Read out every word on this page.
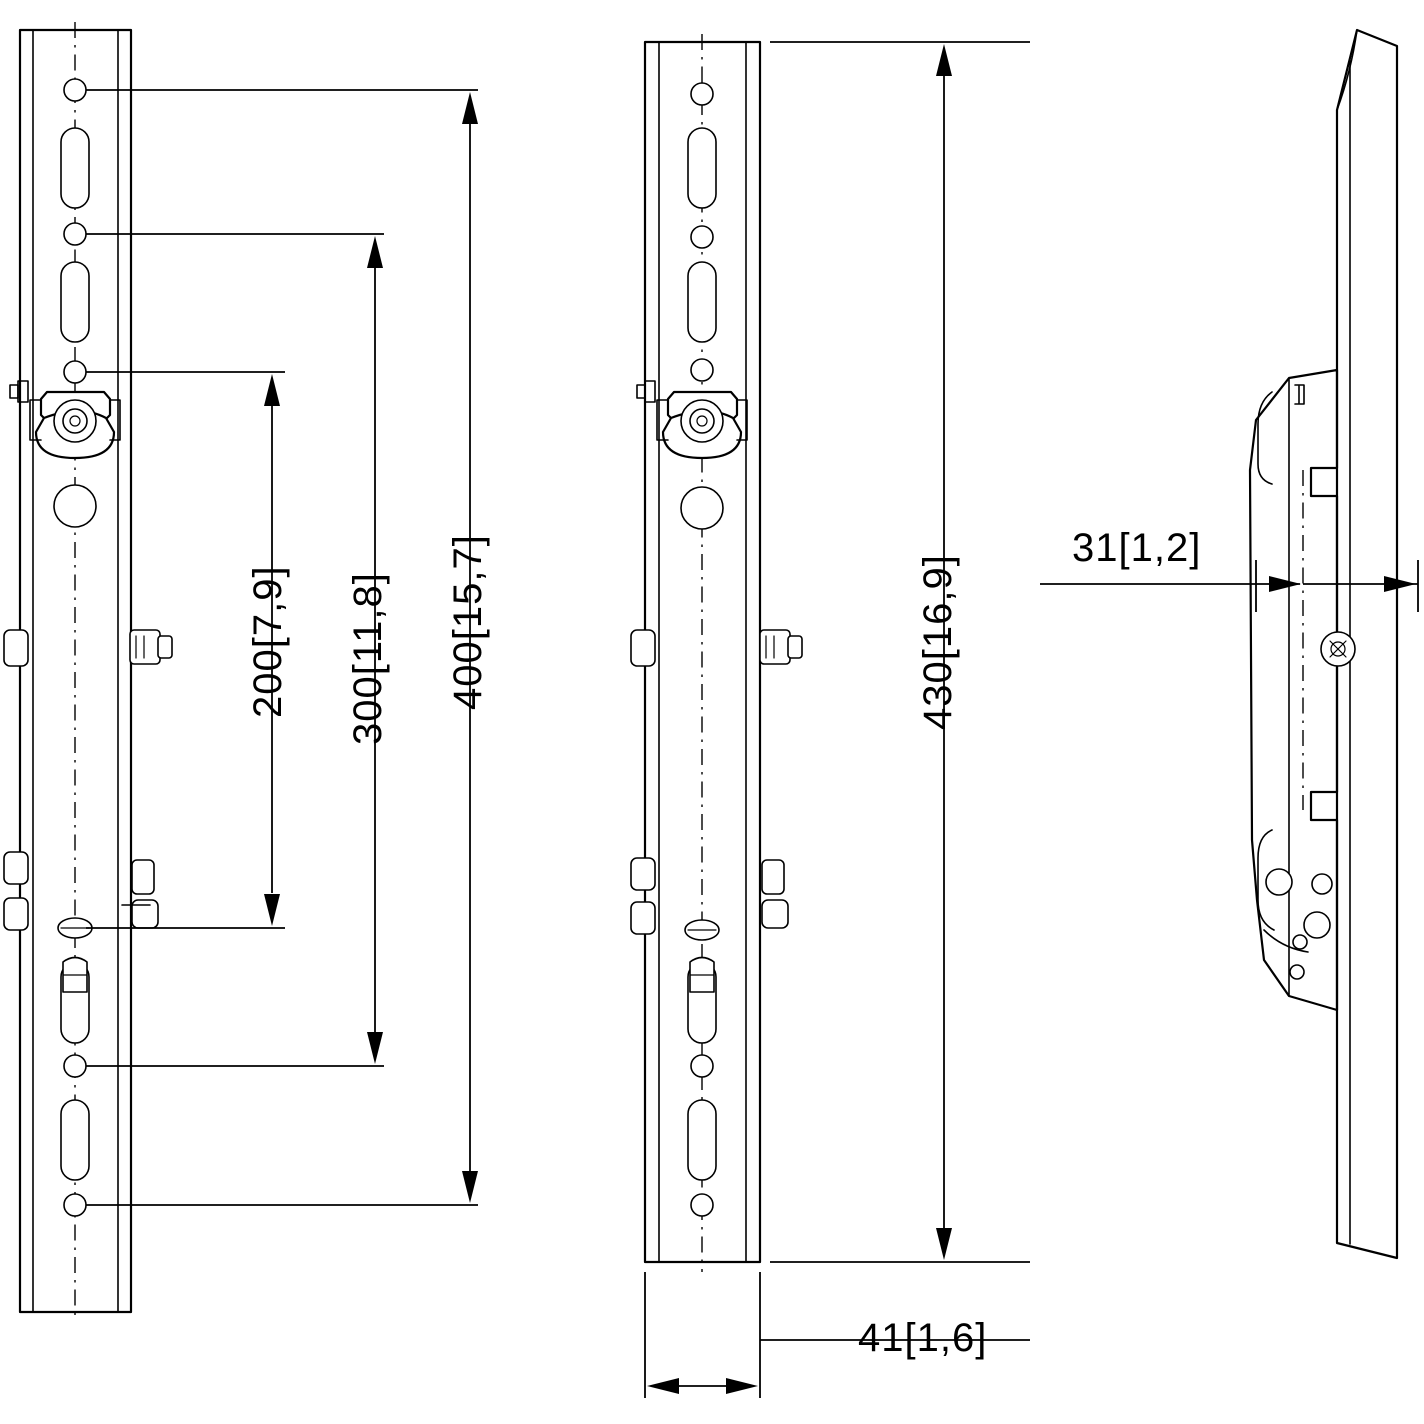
200[7,9] 300[11,8] 400[15,7]	430[16,9]
41[1,6]
31[1,2]
